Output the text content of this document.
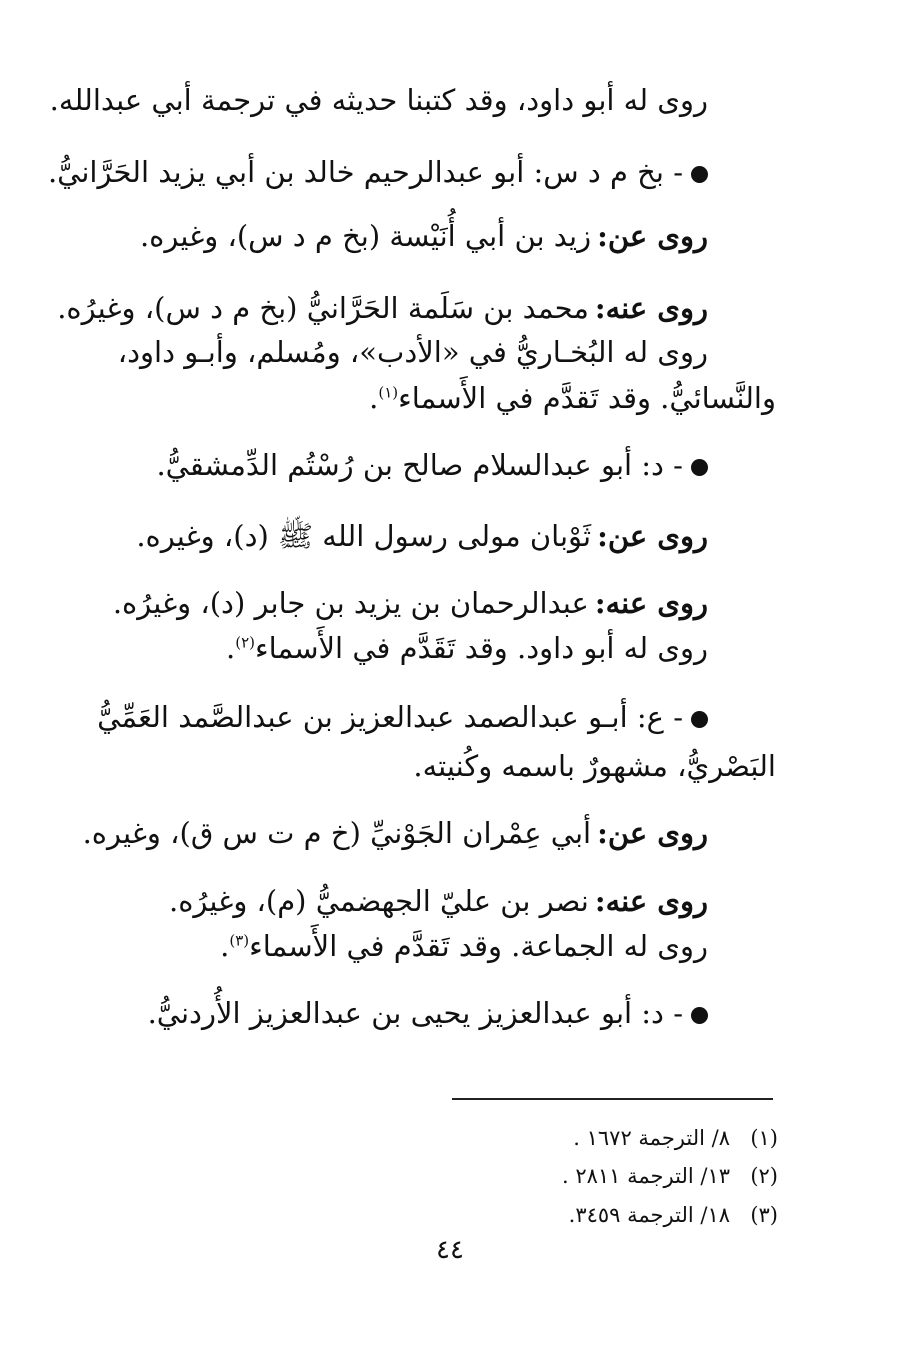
روى له أبو داود، وقد كتبنا حديثه في ترجمة أبي عبدالله.
- بخ م د س: أبو عبدالرحيم خالد بن أبي يزيد الحَرَّانيُّ.
روى عن:زيد بن أبي أُنَيْسة (بخ م د س)، وغيره.
روى عنه:محمد بن سَلَمة الحَرَّانيُّ (بخ م د س)، وغيرُه.
روى له البُخـاريُّ في «الأدب»، ومُسلم، وأبـو داود،
والنَّسائيُّ. وقد تَقدَّم في الأَسماء$^{(١)}$.
- د: أبو عبدالسلام صالح بن رُسْتُم الدِّمشقيُّ.
روى عن:ثَوْبان مولى رسول الله ﷺ (د)، وغيره.
روى عنه:عبدالرحمان بن يزيد بن جابر (د)، وغيرُه.
روى له أبو داود. وقد تَقَدَّم في الأَسماء$^{(٢)}$.
- ع: أبـو عبدالصمد عبدالعزيز بن عبدالصَّمد العَمِّيُّ
البَصْريُّ، مشهورٌ باسمه وكُنيته.
روى عن:أبي عِمْران الجَوْنيِّ (خ م ت س ق)، وغيره.
روى عنه:نصر بن عليّ الجهضميُّ (م)، وغيرُه.
روى له الجماعة. وقد تَقدَّم في الأَسماء$^{(٣)}$.
- د: أبو عبدالعزيز يحيى بن عبدالعزيز الأُردنيُّ.
(١)٨/ الترجمة ١٦٧٢ .
(٢)١٣/ الترجمة ٢٨١١ .
(٣)١٨/ الترجمة ٣٤٥٩.
٤٤
